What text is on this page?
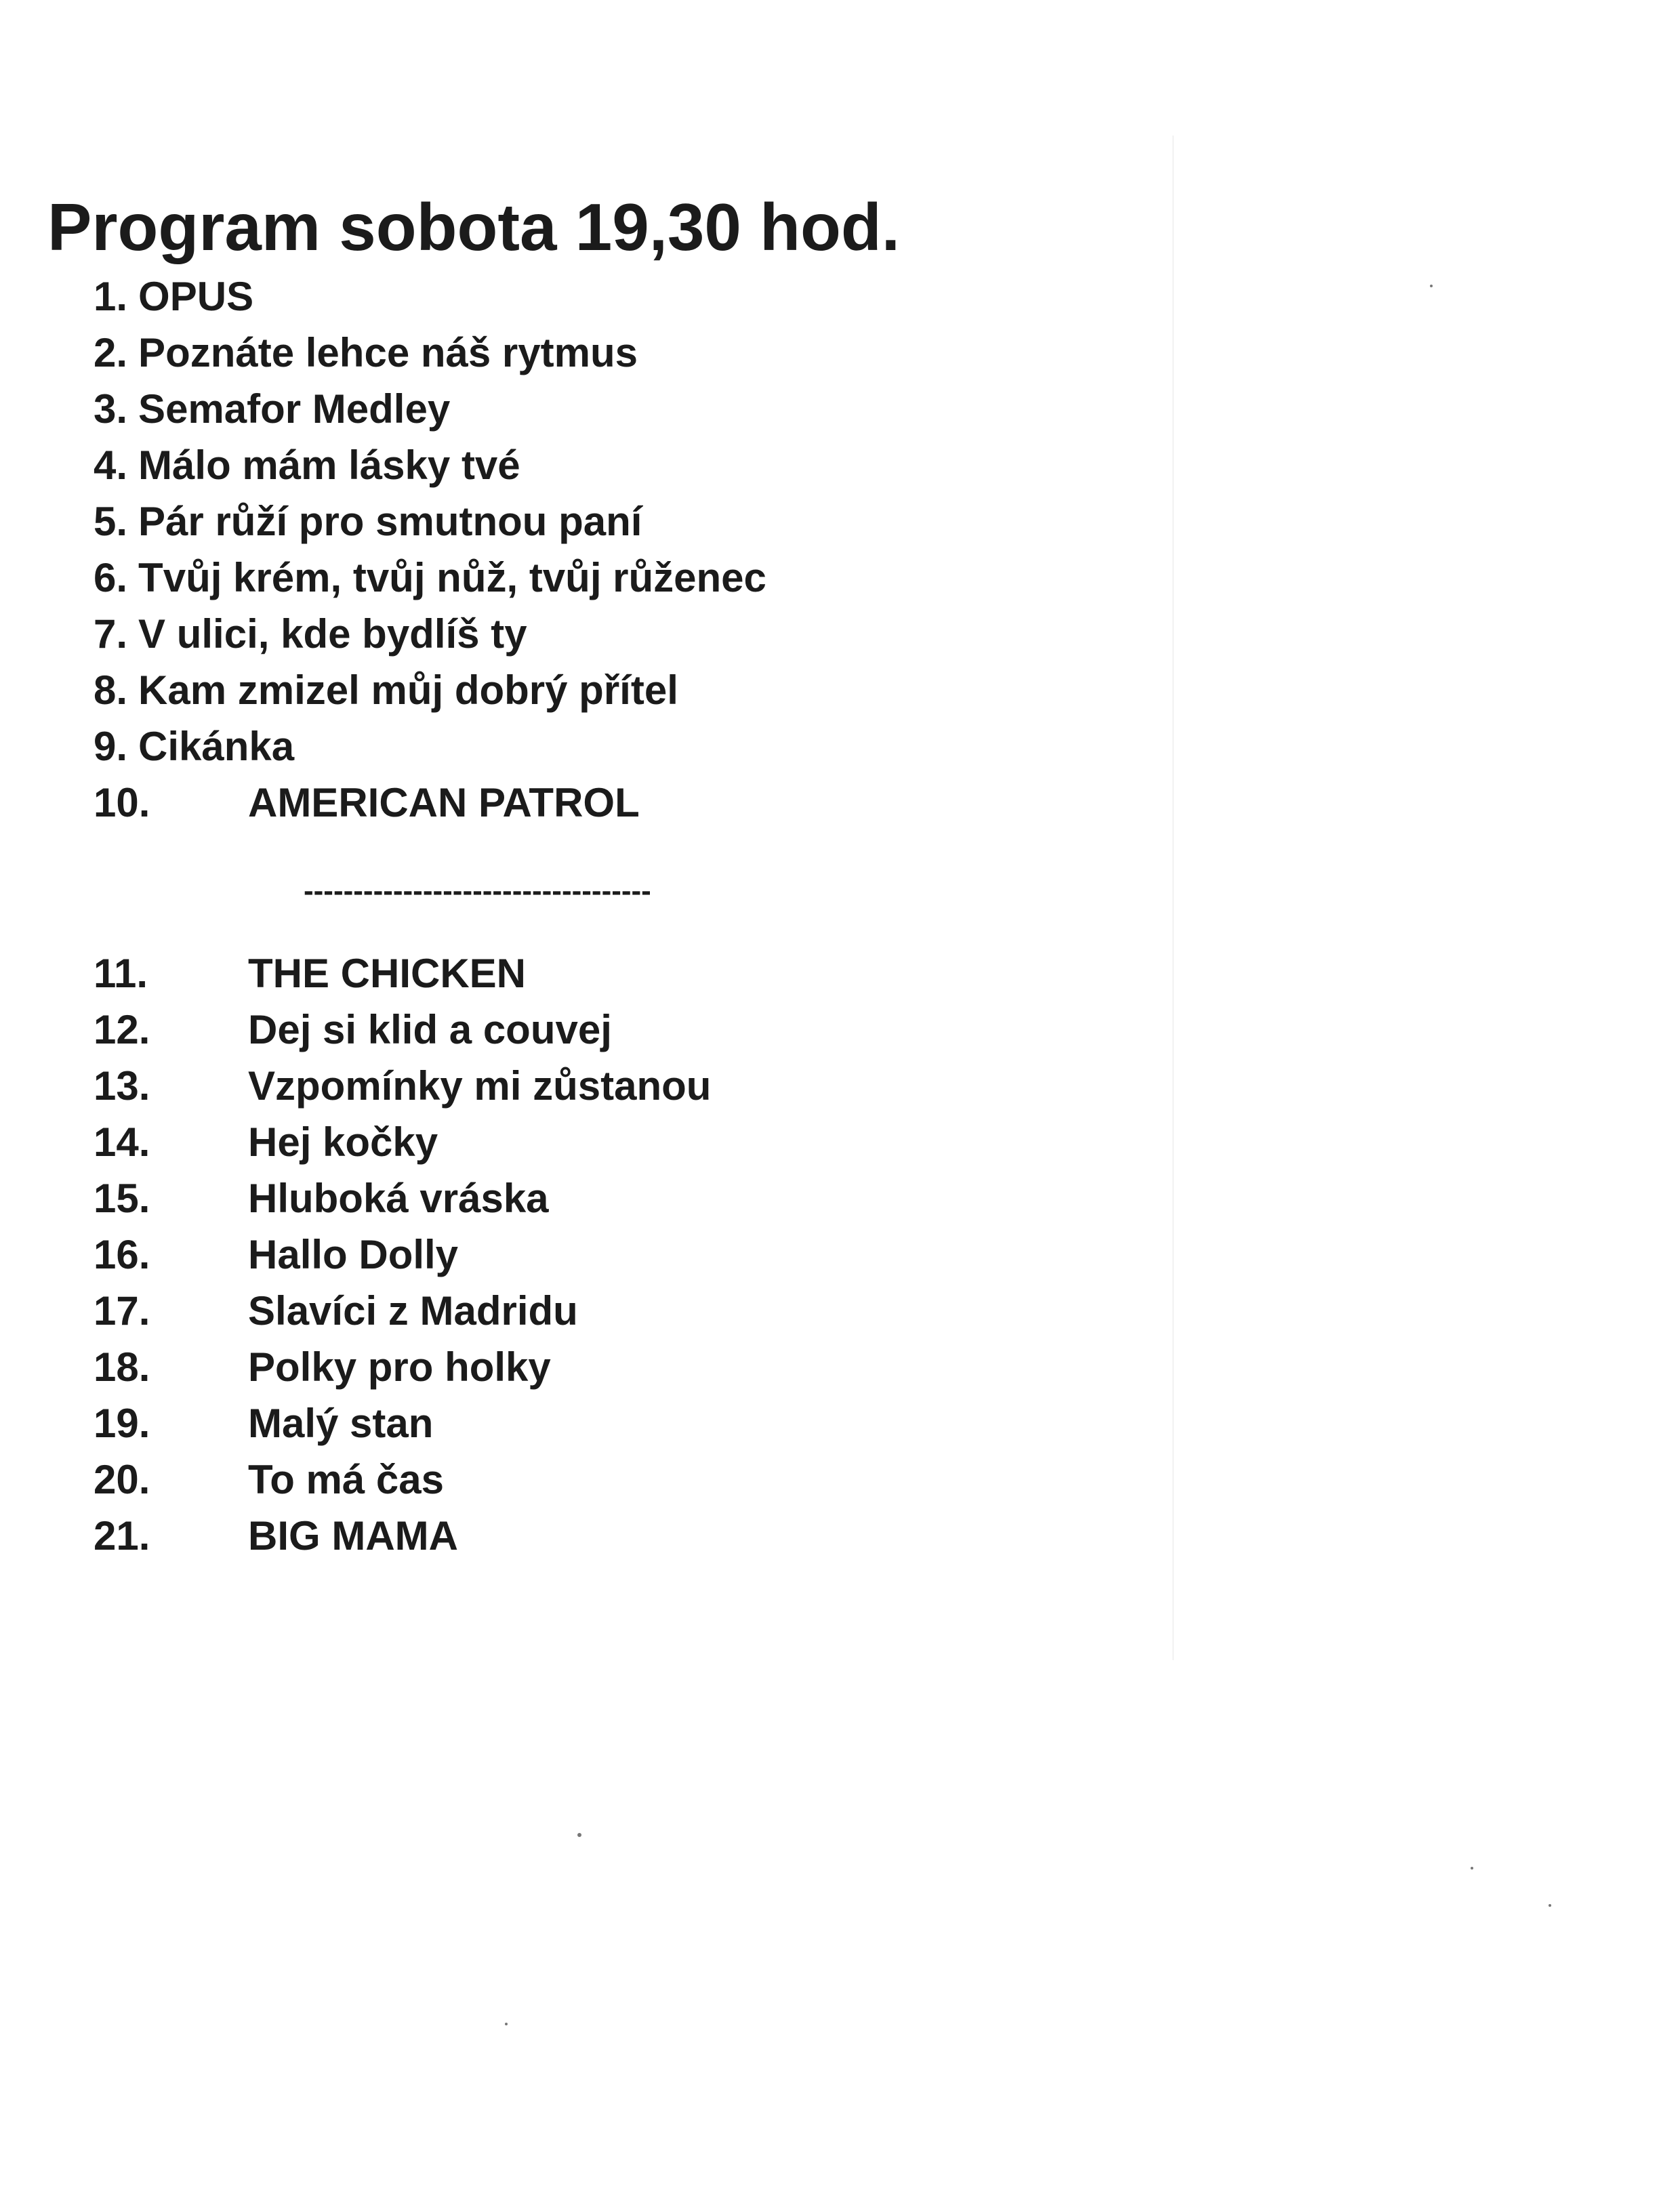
Program sobota 19,30 hod.
1. OPUS
2. Poznáte lehce náš rytmus
3. Semafor Medley
4. Málo mám lásky tvé
5. Pár růží pro smutnou paní
6. Tvůj krém, tvůj nůž, tvůj růženec
7. V ulici, kde bydlíš ty
8. Kam zmizel můj dobrý přítel
9. Cikánka
10. AMERICAN PATROL
-----------------------------------
11. THE CHICKEN
12. Dej si klid a couvej
13. Vzpomínky mi zůstanou
14. Hej kočky
15. Hluboká vráska
16. Hallo Dolly
17. Slavíci z Madridu
18. Polky pro holky
19. Malý stan
20. To má čas
21. BIG MAMA
